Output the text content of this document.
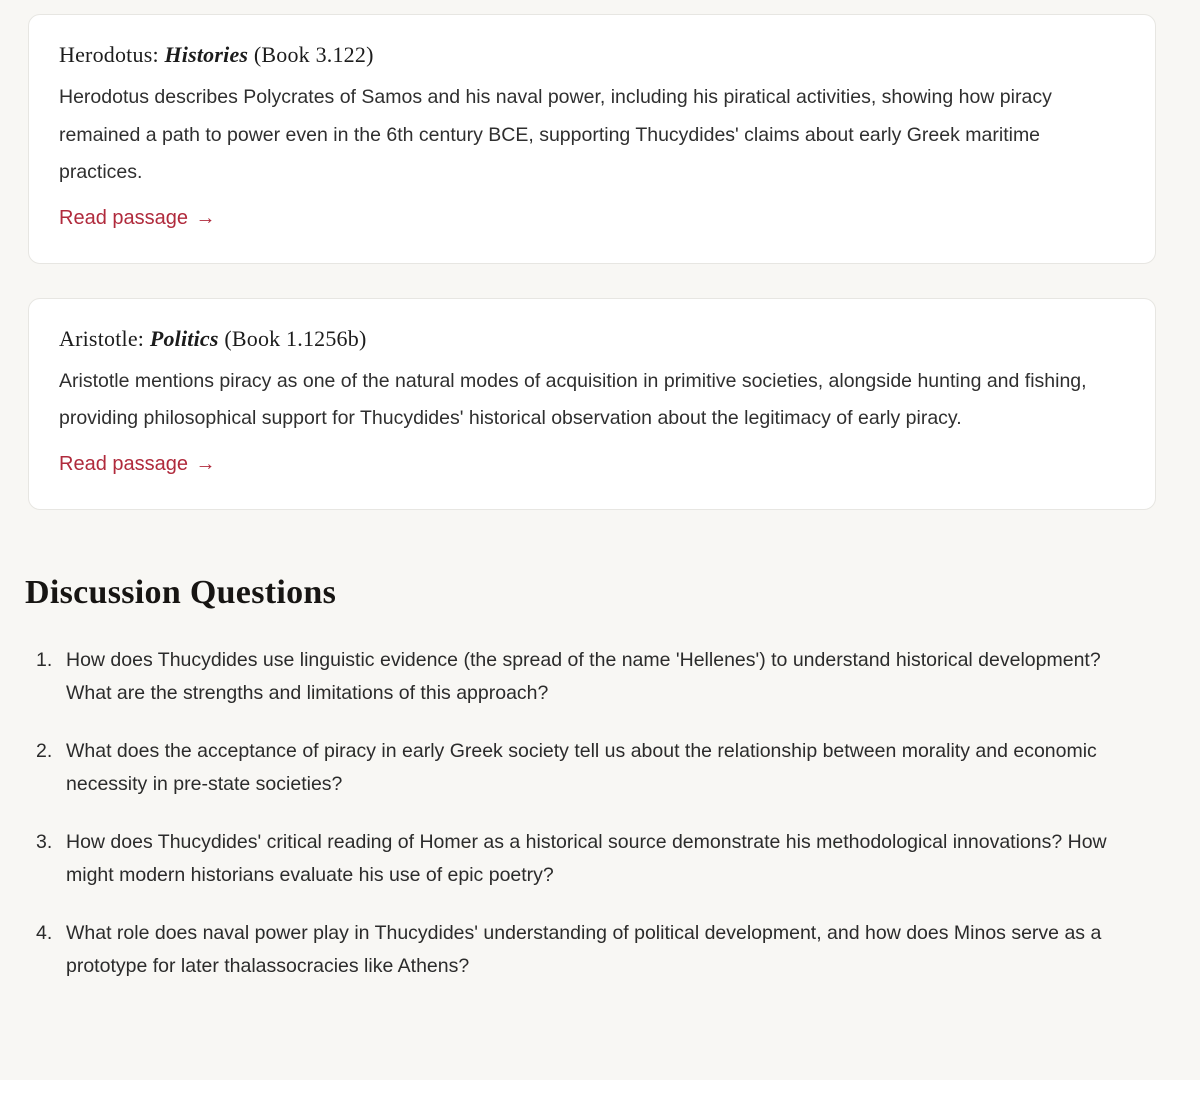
Herodotus: Histories (Book 3.122)

Herodotus describes Polycrates of Samos and his naval power, including his piratical activities, showing how piracy remained a path to power even in the 6th century BCE, supporting Thucydides' claims about early Greek maritime practices.

Read passage →
Aristotle: Politics (Book 1.1256b)

Aristotle mentions piracy as one of the natural modes of acquisition in primitive societies, alongside hunting and fishing, providing philosophical support for Thucydides' historical observation about the legitimacy of early piracy.

Read passage →
Discussion Questions
1. How does Thucydides use linguistic evidence (the spread of the name 'Hellenes') to understand historical development? What are the strengths and limitations of this approach?
2. What does the acceptance of piracy in early Greek society tell us about the relationship between morality and economic necessity in pre-state societies?
3. How does Thucydides' critical reading of Homer as a historical source demonstrate his methodological innovations? How might modern historians evaluate his use of epic poetry?
4. What role does naval power play in Thucydides' understanding of political development, and how does Minos serve as a prototype for later thalassocracies like Athens?
